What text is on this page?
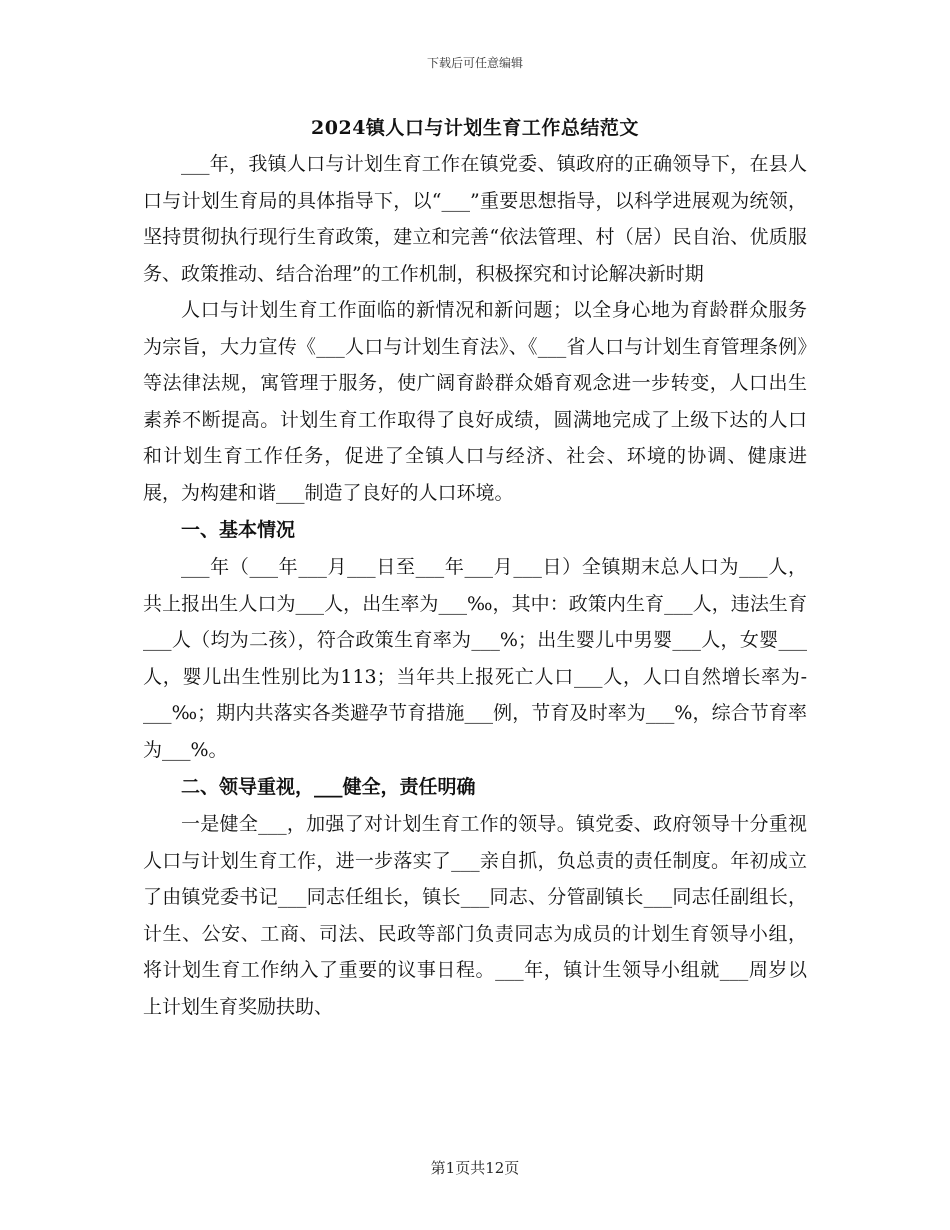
下载后可任意编辑
2024镇人口与计划生育工作总结范文

___年，我镇人口与计划生育工作在镇党委、镇政府的正确领导下，在县人口与计划生育局的具体指导下，以“___”重要思想指导，以科学进展观为统领，坚持贯彻执行现行生育政策，建立和完善“依法管理、村（居）民自治、优质服务、政策推动、结合治理”的工作机制，积极探究和讨论解决新时期

人口与计划生育工作面临的新情况和新问题；以全身心地为育龄群众服务为宗旨，大力宣传《___人口与计划生育法》、《___省人口与计划生育管理条例》等法律法规，寓管理于服务，使广阔育龄群众婚育观念进一步转变，人口出生素养不断提高。计划生育工作取得了良好成绩，圆满地完成了上级下达的人口和计划生育工作任务，促进了全镇人口与经济、社会、环境的协调、健康进展，为构建和谐___制造了良好的人口环境。

一、基本情况

___年（___年___月___日至___年___月___日）全镇期末总人口为___人，共上报出生人口为___人，出生率为___‰，其中：政策内生育___人，违法生育___人（均为二孩），符合政策生育率为___%；出生婴儿中男婴___人，女婴___人，婴儿出生性别比为113；当年共上报死亡人口___人，人口自然增长率为-___‰；期内共落实各类避孕节育措施___例，节育及时率为___%，综合节育率为___%。

二、领导重视，___健全，责任明确

一是健全___，加强了对计划生育工作的领导。镇党委、政府领导十分重视人口与计划生育工作，进一步落实了___亲自抓，负总责的责任制度。年初成立了由镇党委书记___同志任组长，镇长___同志、分管副镇长___同志任副组长，计生、公安、工商、司法、民政等部门负责同志为成员的计划生育领导小组，将计划生育工作纳入了重要的议事日程。___年，镇计生领导小组就___周岁以上计划生育奖励扶助、

第1页共12页
